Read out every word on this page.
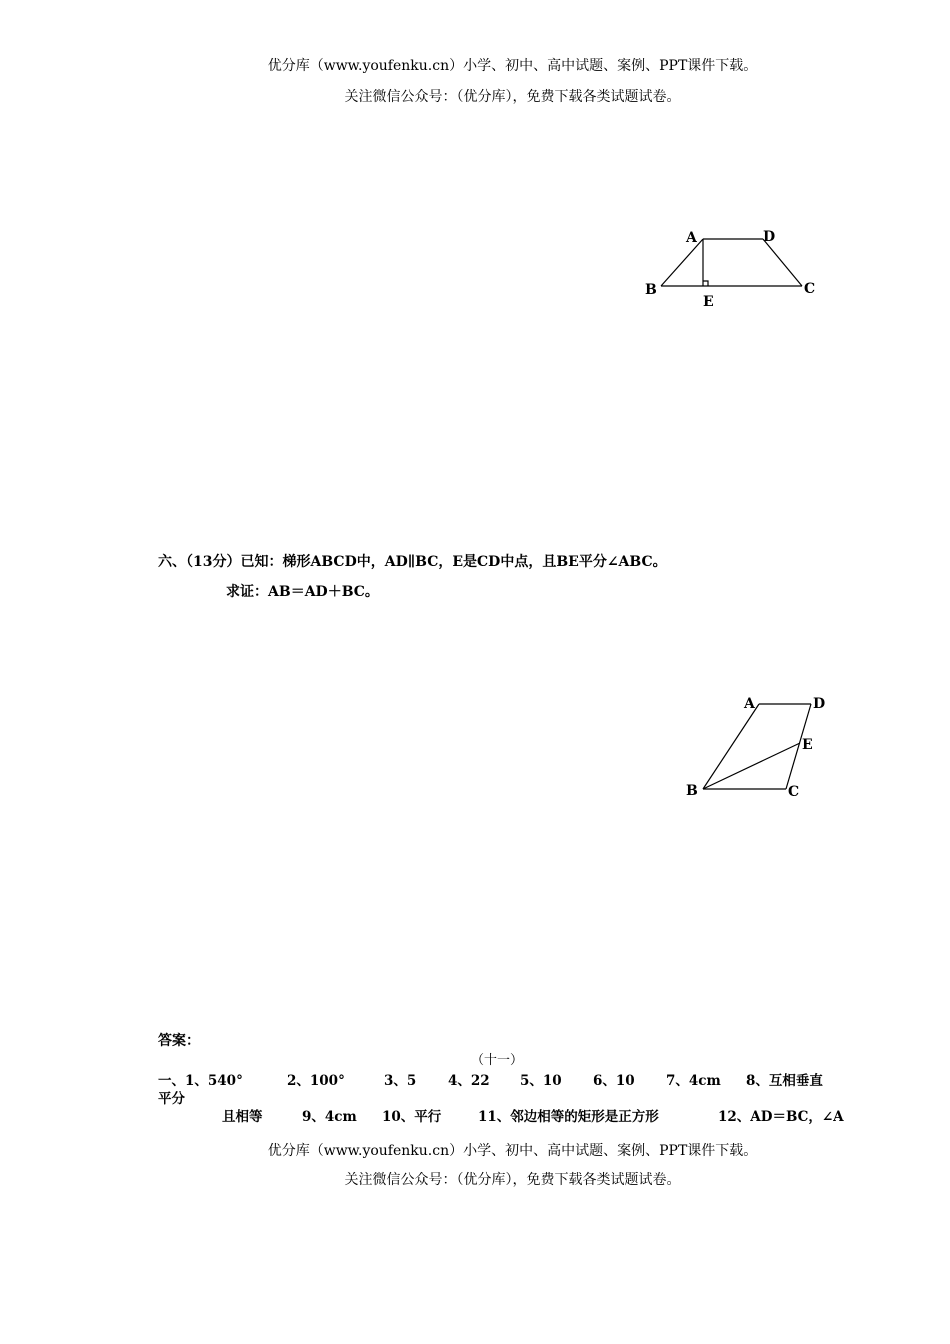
优分库（www.youfenku.cn）小学、初中、高中试题、案例、PPT课件下载。
关注微信公众号：（优分库），免费下载各类试题试卷。
A	D
B
E
C
六、（13分）已知：梯形ABCD中，AD∥BC，E是CD中点，且BE平分∠ABC。
求证：AB＝AD＋BC。
A	D
E
B	C
答案：
（十一）
一、1、540°	2、100°	3、5 4、22 5、10 6、10 7、4cm 8、互相垂直
平分
且相等	9、4cm 10、平行	11、邻边相等的矩形是正方形	12、AD＝BC，∠A
优分库（www.youfenku.cn）小学、初中、高中试题、案例、PPT课件下载。
关注微信公众号：（优分库），免费下载各类试题试卷。
